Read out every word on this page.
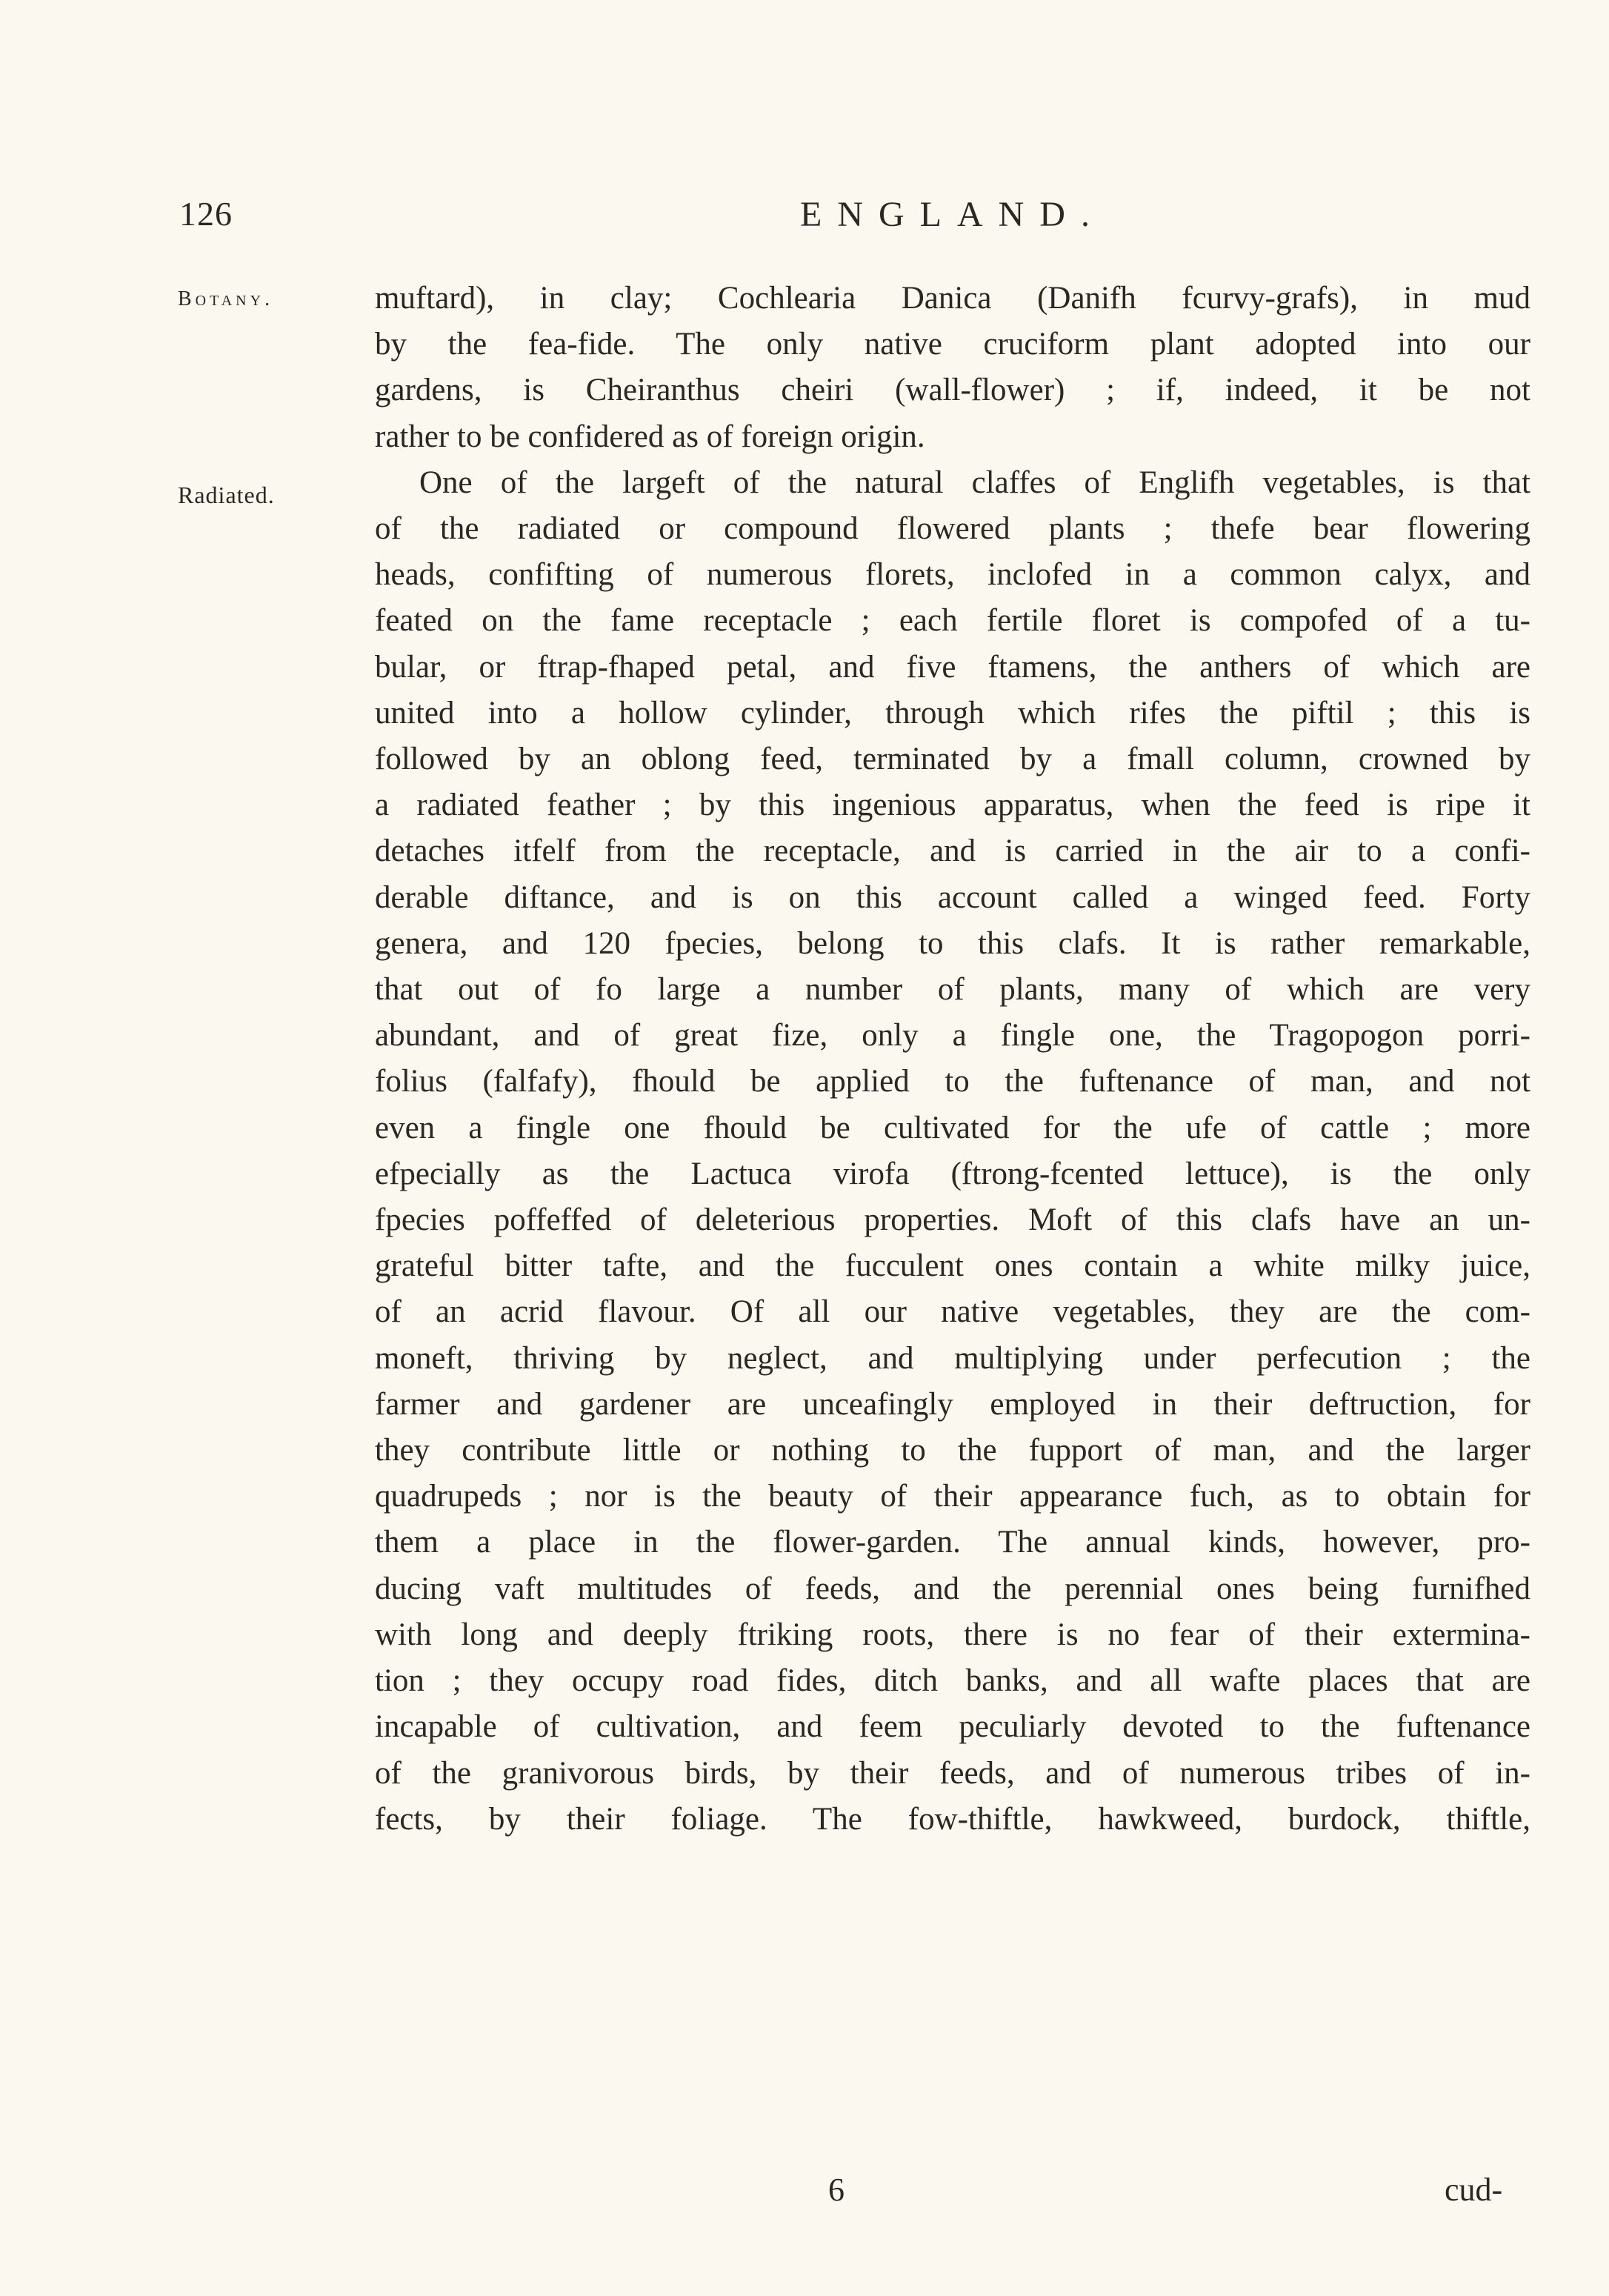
126	ENGLAND.
Botany.
Radiated.
muftard), in clay; Cochlearia Danica (Danifh fcurvy-grafs), in mud
by the fea-fide. The only native cruciform plant adopted into our
gardens, is Cheiranthus cheiri (wall-flower) ; if, indeed, it be not
rather to be confidered as of foreign origin.
One of the largeft of the natural claffes of Englifh vegetables, is that
of the radiated or compound flowered plants ; thefe bear flowering
heads, confifting of numerous florets, inclofed in a common calyx, and
feated on the fame receptacle ; each fertile floret is compofed of a tu-
bular, or ftrap-fhaped petal, and five ftamens, the anthers of which are
united into a hollow cylinder, through which rifes the piftil ; this is
followed by an oblong feed, terminated by a fmall column, crowned by
a radiated feather ; by this ingenious apparatus, when the feed is ripe it
detaches itfelf from the receptacle, and is carried in the air to a confi-
derable diftance, and is on this account called a winged feed. Forty
genera, and 120 fpecies, belong to this clafs. It is rather remarkable,
that out of fo large a number of plants, many of which are very
abundant, and of great fize, only a fingle one, the Tragopogon porri-
folius (falfafy), fhould be applied to the fuftenance of man, and not
even a fingle one fhould be cultivated for the ufe of cattle ; more
efpecially as the Lactuca virofa (ftrong-fcented lettuce), is the only
fpecies poffeffed of deleterious properties. Moft of this clafs have an un-
grateful bitter tafte, and the fucculent ones contain a white milky juice,
of an acrid flavour. Of all our native vegetables, they are the com-
moneft, thriving by neglect, and multiplying under perfecution ; the
farmer and gardener are unceafingly employed in their deftruction, for
they contribute little or nothing to the fupport of man, and the larger
quadrupeds ; nor is the beauty of their appearance fuch, as to obtain for
them a place in the flower-garden. The annual kinds, however, pro-
ducing vaft multitudes of feeds, and the perennial ones being furnifhed
with long and deeply ftriking roots, there is no fear of their extermina-
tion ; they occupy road fides, ditch banks, and all wafte places that are
incapable of cultivation, and feem peculiarly devoted to the fuftenance
of the granivorous birds, by their feeds, and of numerous tribes of in-
fects, by their foliage. The fow-thiftle, hawkweed, burdock, thiftle,
6	cud-
